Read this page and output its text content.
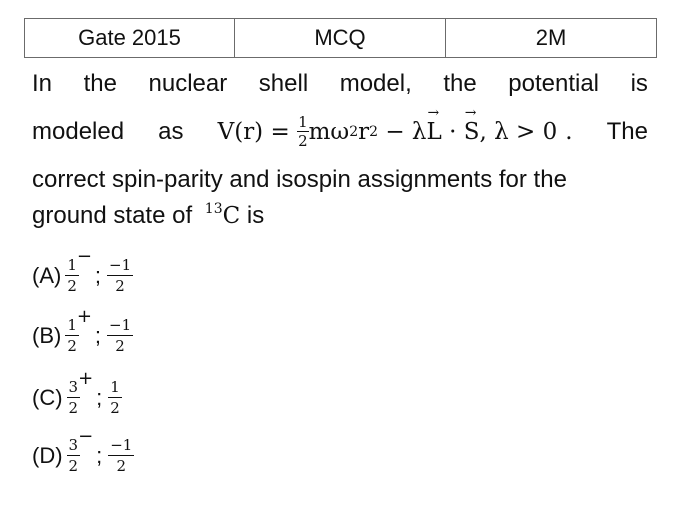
Gate 2015	MCQ	2M
In the nuclear shell model, the potential is
modeled as V(r) =
$\frac{1}{2}$ mω 2 r 2 − λ
→
L ·
→
S , λ > 0 . The
correct spin-parity and isospin assignments for the
ground state of $^{13}$C is
$(A) \frac{1}{2}$
−
; $\frac{-1}{2}$
$(B) \frac{1}{2}$
+
; $\frac{-1}{2}$
$(C) \frac{3}{2}$
+
; $\frac{1}{2}$
$(D) \frac{3}{2}$
−
; $\frac{-1}{2}$
